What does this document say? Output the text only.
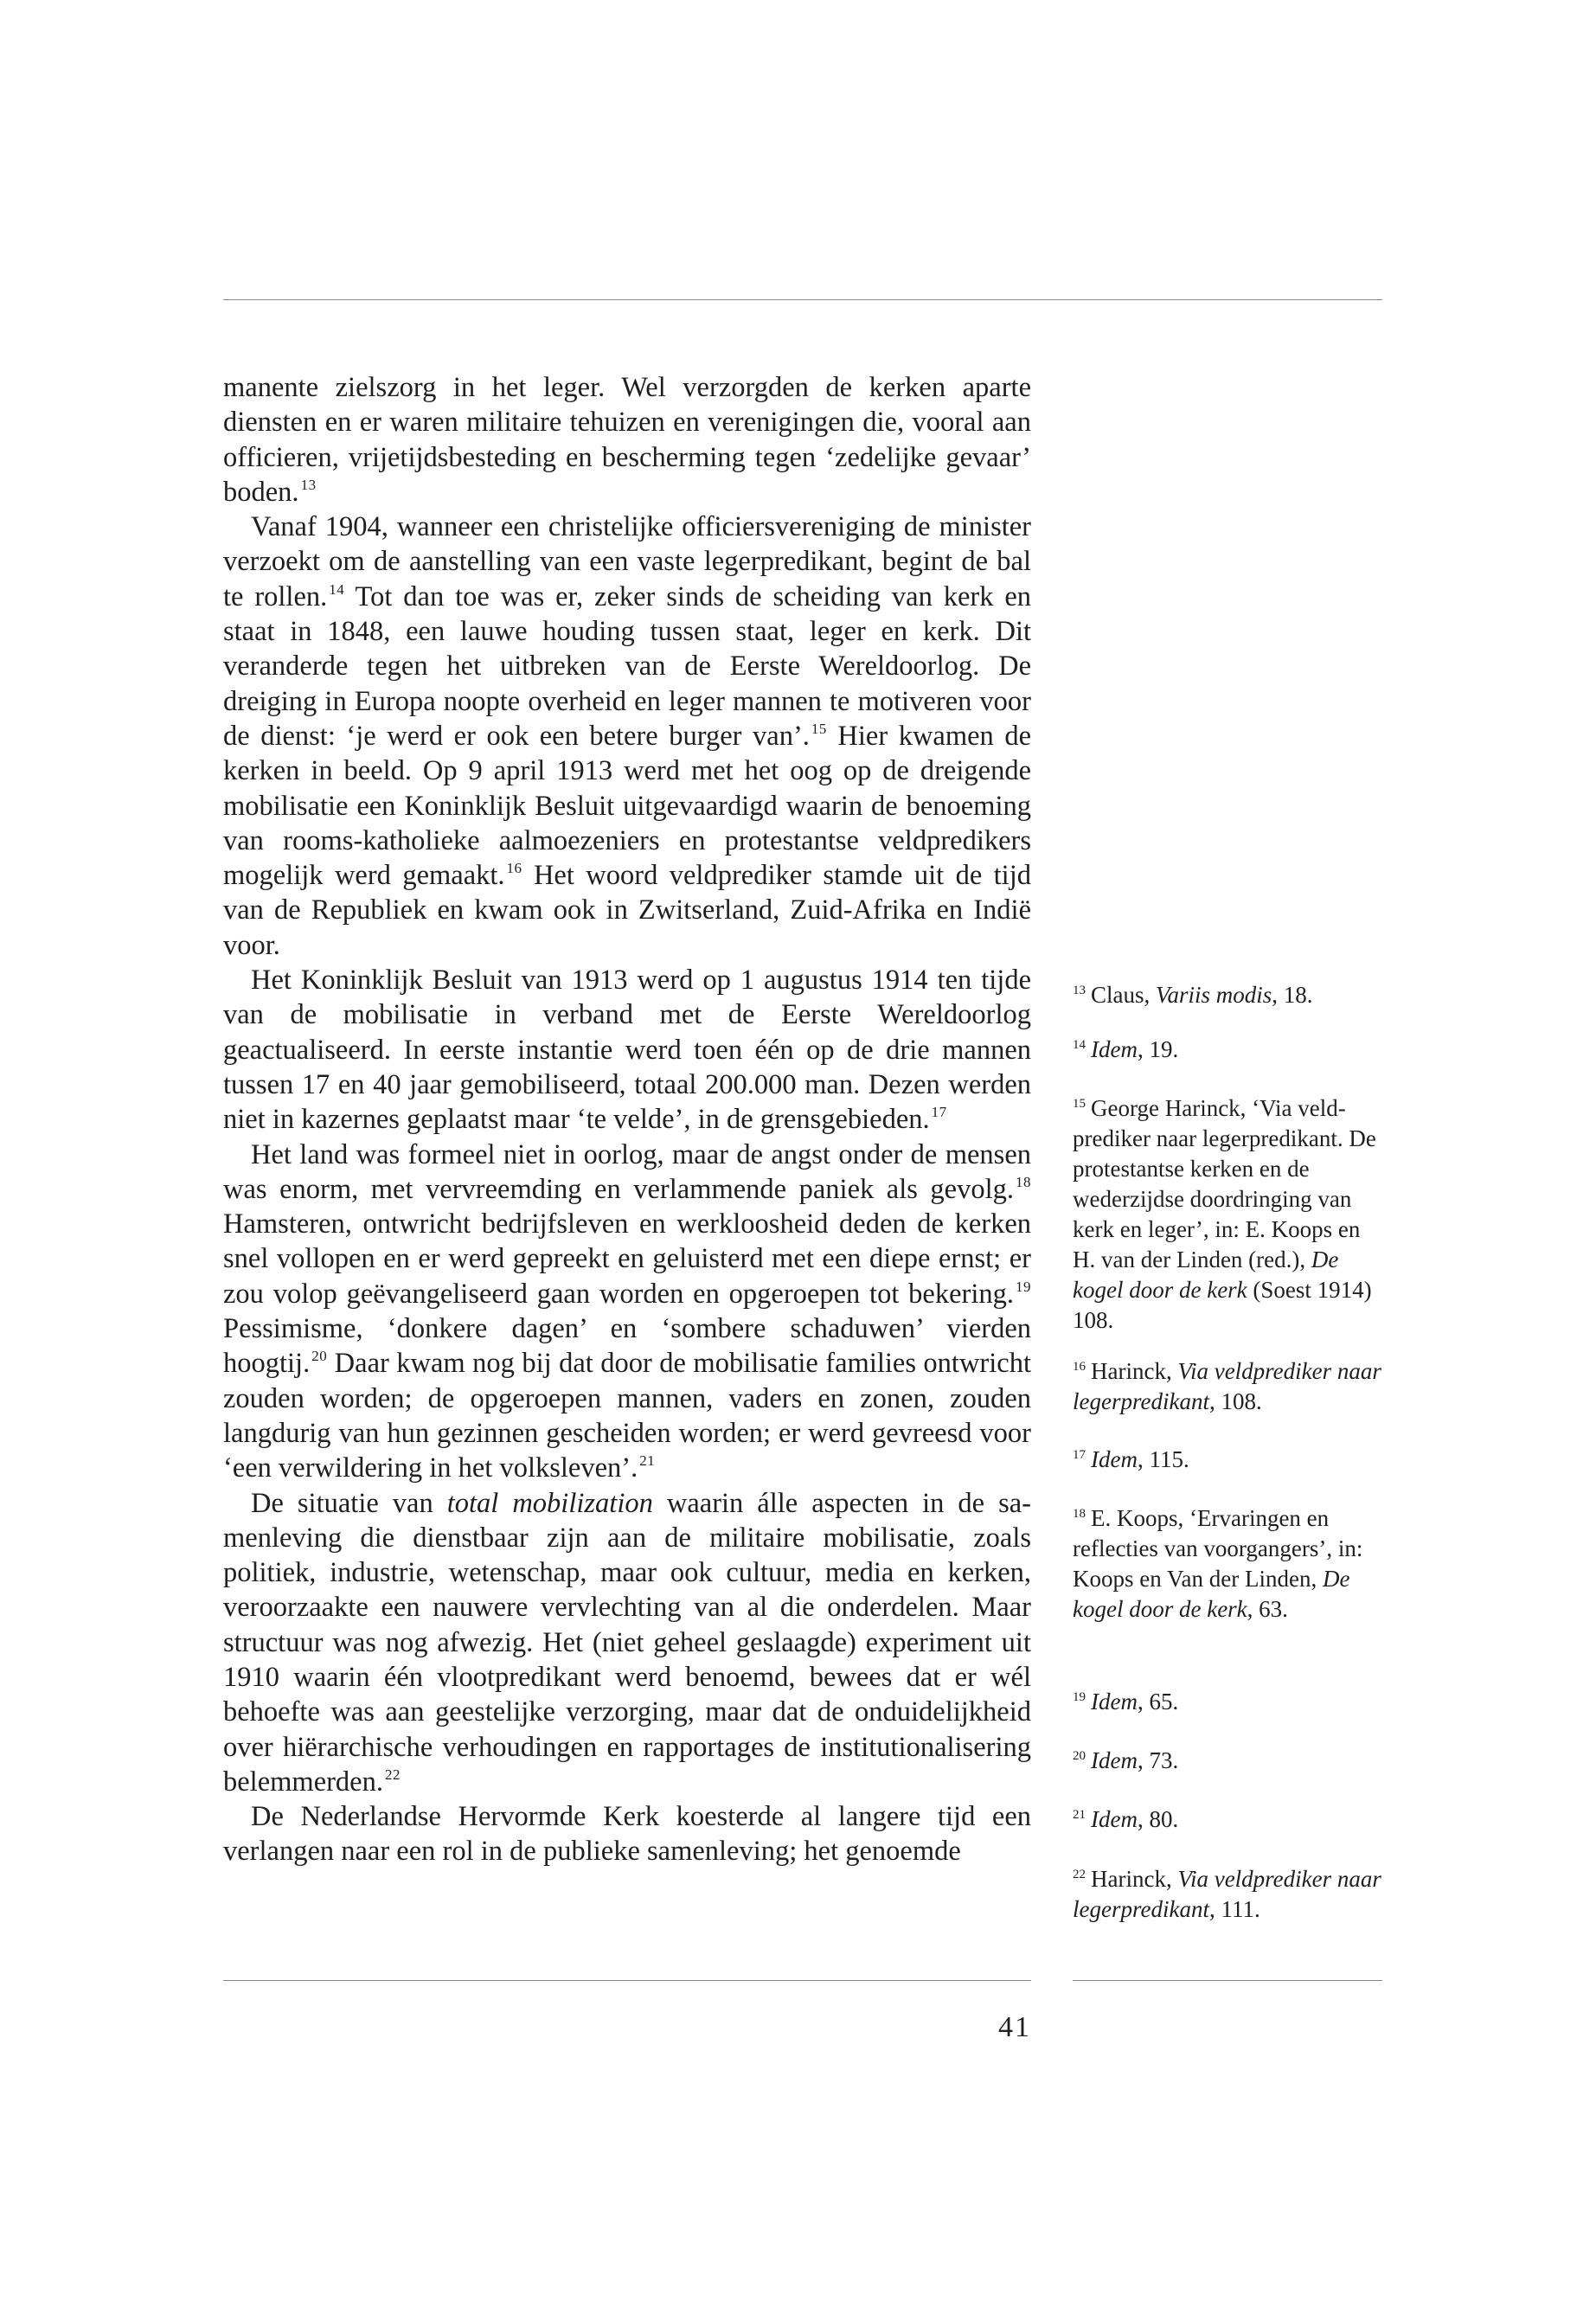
manente zielszorg in het leger. Wel verzorgden de kerken aparte diensten en er waren militaire tehuizen en verenigingen die, vooral aan officieren, vrijetijdsbesteding en bescherming tegen ‘zedelijke gevaar’ boden. $^{13}$

Vanaf 1904, wanneer een christelijke officiersvereniging de minister verzoekt om de aanstelling van een vaste legerpredikant, begint de bal te rollen. $^{14}$ Tot dan toe was er, zeker sinds de scheiding van kerk en staat in 1848, een lauwe houding tussen staat, leger en kerk. Dit veranderde tegen het uitbreken van de Eerste Wereldoorlog. De dreiging in Europa noopte overheid en leger mannen te motiveren voor de dienst: ‘je werd er ook een betere burger van’. $^{15}$ Hier kwamen de kerken in beeld. Op 9 april 1913 werd met het oog op de dreigende mobilisatie een Koninklijk Besluit uitgevaardigd waarin de benoeming van rooms-katholieke aalmoezeniers en protestantse veldpredikers mogelijk werd gemaakt. $^{16}$ Het woord veldprediker stamde uit de tijd van de Republiek en kwam ook in Zwitserland, Zuid-Afrika en Indië voor.

Het Koninklijk Besluit van 1913 werd op 1 augustus 1914 ten tijde van de mobilisatie in verband met de Eerste Wereldoorlog geactualiseerd. In eerste instantie werd toen één op de drie mannen tussen 17 en 40 jaar gemobiliseerd, totaal 200.000 man. Dezen werden niet in kazernes geplaatst maar ‘te velde’, in de grensgebieden. $^{17}$

Het land was formeel niet in oorlog, maar de angst onder de mensen was enorm, met vervreemding en verlammende paniek als gevolg. $^{18}$ Hamsteren, ontwricht bedrijfsleven en werkloosheid deden de kerken snel vollopen en er werd gepreekt en geluisterd met een diepe ernst; er zou volop geëvangeliseerd gaan worden en opgeroepen tot bekering. $^{19}$ Pessimisme, ‘donkere dagen’ en ‘sombere schaduwen’ vierden hoogtij. $^{20}$ Daar kwam nog bij dat door de mobilisatie families ontwricht zouden worden; de opgeroepen mannen, vaders en zonen, zouden langdurig van hun gezinnen gescheiden worden; er werd gevreesd voor ‘een verwildering in het volksleven’. $^{21}$

De situatie van total mobilization waarin álle aspecten in de samenleving die dienstbaar zijn aan de militaire mobilisatie, zoals politiek, industrie, wetenschap, maar ook cultuur, media en kerken, veroorzaakte een nauwere vervlechting van al die onderdelen. Maar structuur was nog afwezig. Het (niet geheel geslaagde) experiment uit 1910 waarin één vlootpredikant werd benoemd, bewees dat er wél behoefte was aan geestelijke verzorging, maar dat de onduidelijkheid over hiërarchische verhoudingen en rapportages de institutionalisering belemmerden. $^{22}$

De Nederlandse Hervormde Kerk koesterde al langere tijd een verlangen naar een rol in de publieke samenleving; het genoemde

$^{13}$ Claus, Variis modis, 18.
$^{14}$ Idem, 19.
$^{15}$ George Harinck, ‘Via veldprediker naar legerpredikant. De protestantse kerken en de wederzijdse doordringing van kerk en leger’, in: E. Koops en H. van der Linden (red.), De kogel door de kerk (Soest 1914) 108.
$^{16}$ Harinck, Via veldprediker naar legerpredikant, 108.
$^{17}$ Idem, 115.
$^{18}$ E. Koops, ‘Ervaringen en reflecties van voorgangers’, in: Koops en Van der Linden, De kogel door de kerk, 63.
$^{19}$ Idem, 65.
$^{20}$ Idem, 73.
$^{21}$ Idem, 80.
$^{22}$ Harinck, Via veldprediker naar legerpredikant, 111.
41
